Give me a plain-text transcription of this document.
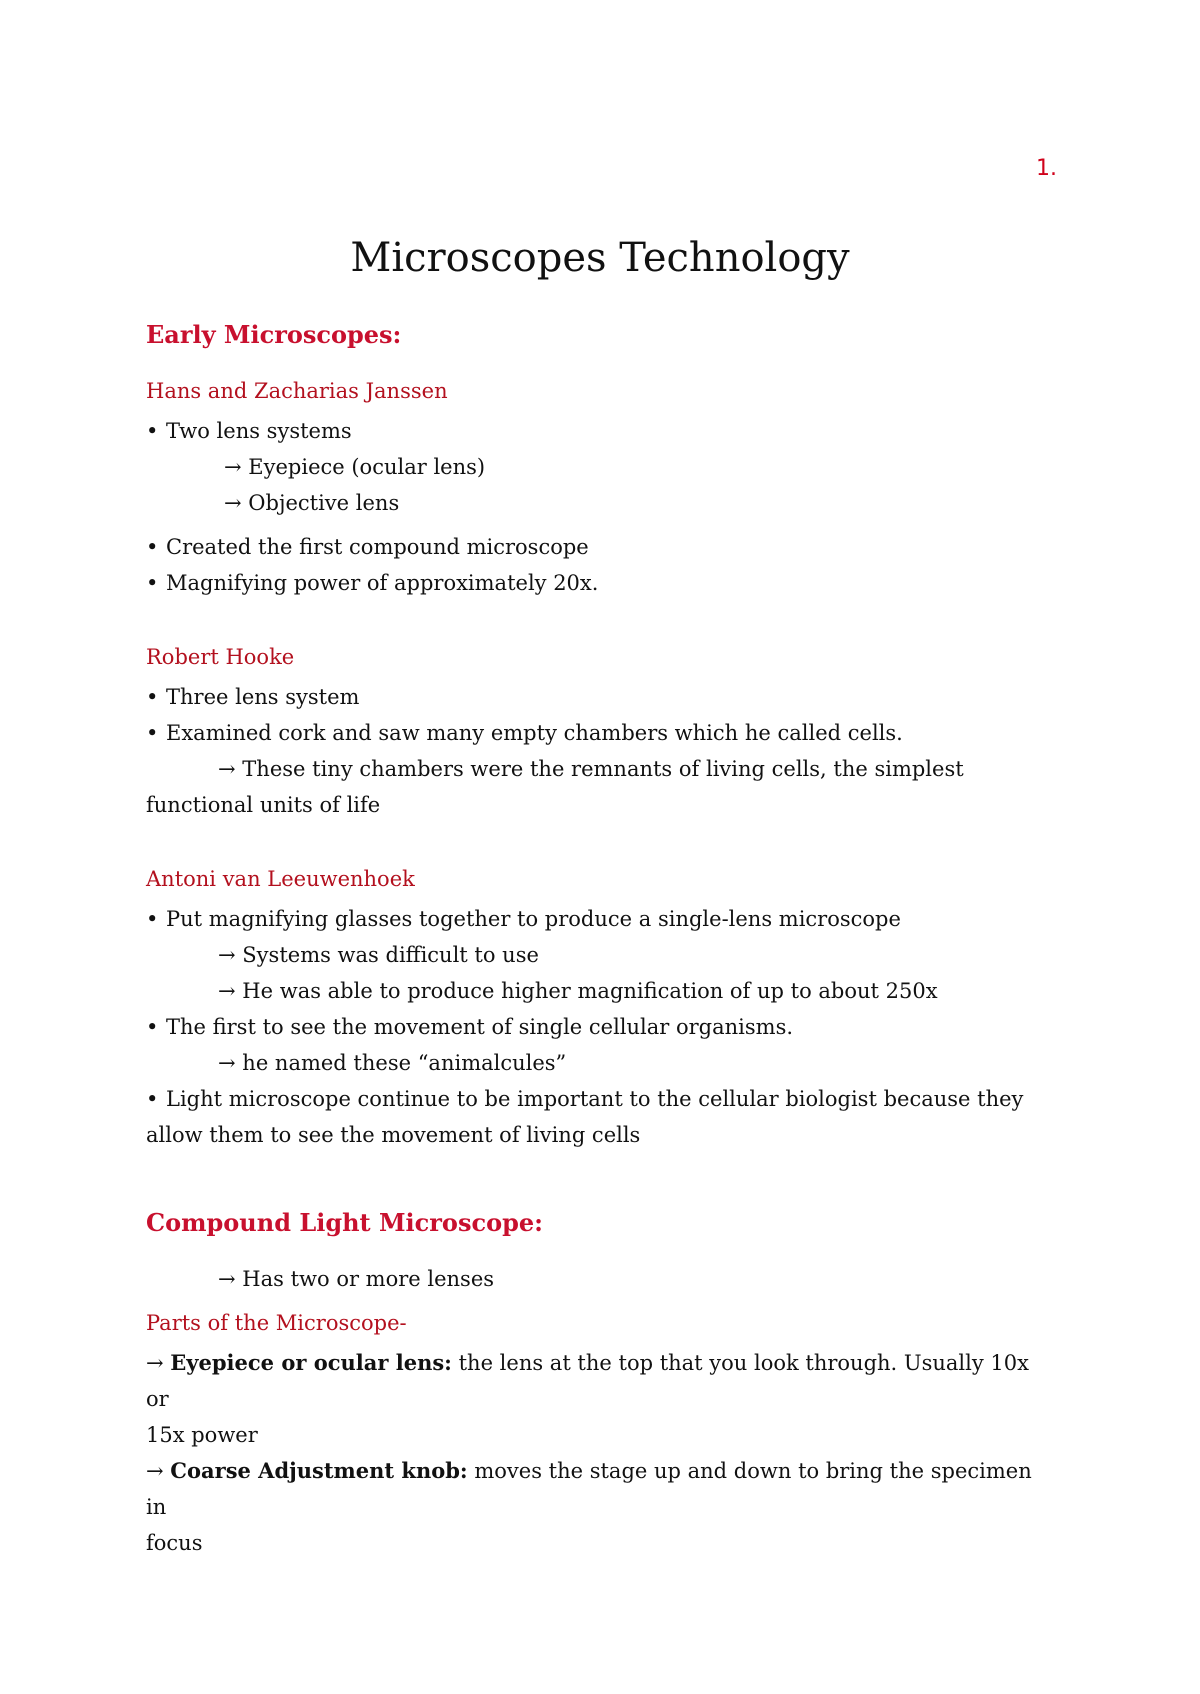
1.
Microscopes Technology
Early Microscopes:
Hans and Zacharias Janssen

• Two lens systems

→ Eyepiece (ocular lens)

→ Objective lens

• Created the first compound microscope

• Magnifying power of approximately 20x.

Robert Hooke

• Three lens system

• Examined cork and saw many empty chambers which he called cells.

→ These tiny chambers were the remnants of living cells, the simplest

functional units of life

Antoni van Leeuwenhoek

• Put magnifying glasses together to produce a single-lens microscope

→ Systems was difficult to use

→ He was able to produce higher magnification of up to about 250x

• The first to see the movement of single cellular organisms.

→ he named these “animalcules”

• Light microscope continue to be important to the cellular biologist because they

allow them to see the movement of living cells

Compound Light Microscope:

→ Has two or more lenses

Parts of the Microscope-

→ Eyepiece or ocular lens: the lens at the top that you look through. Usually 10x or

15x power

→ Coarse Adjustment knob: moves the stage up and down to bring the specimen in

focus
